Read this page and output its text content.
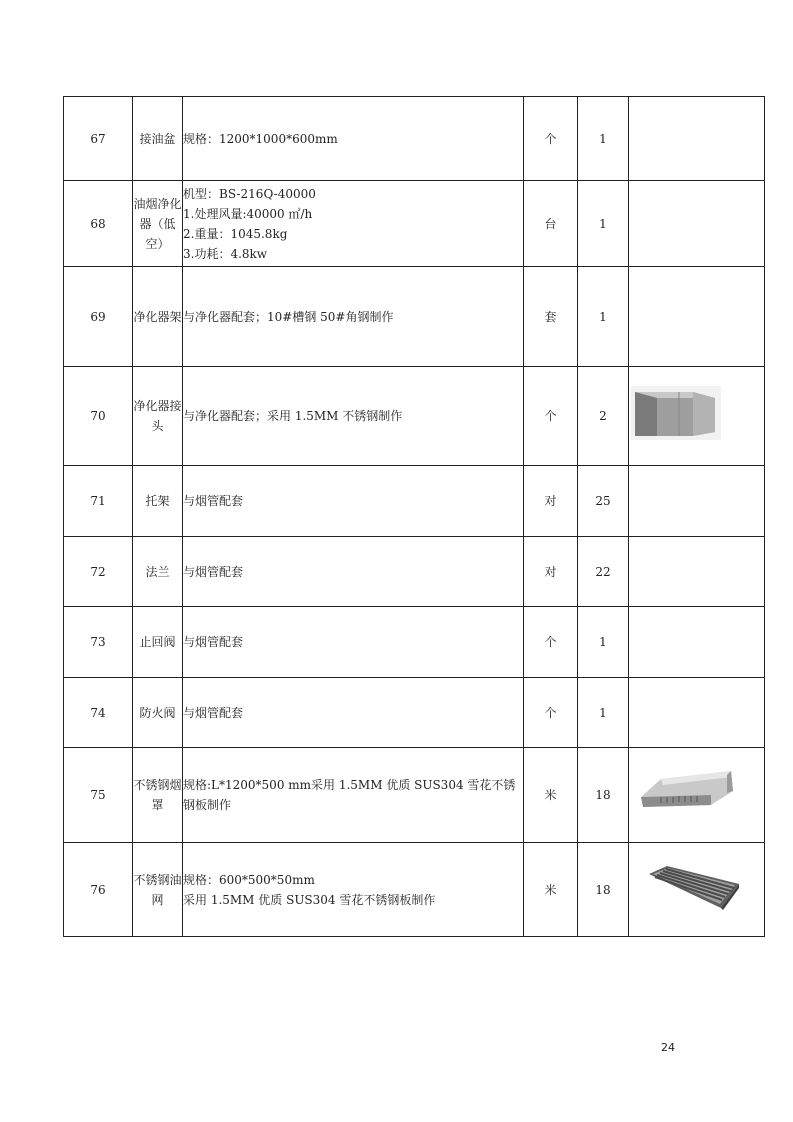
67	接油盆	规格：1200*1000*600mm	个	1	
68	油烟净化器（低空）	机型：BS-216Q-40000
1.处理风量:40000 ㎡/h
2.重量：1045.8kg
3.功耗：4.8kw	台	1	
69	净化器架	与净化器配套；10#槽钢 50#角钢制作	套	1	
70	净化器接头	与净化器配套；采用 1.5MM 不锈钢制作	个	2	

71	托架	与烟管配套	对	25	
72	法兰	与烟管配套	对	22	
73	止回阀	与烟管配套	个	1	
74	防火阀	与烟管配套	个	1	
75	不锈钢烟罩	规格:L*1200*500 mm采用 1.5MM 优质 SUS304 雪花不锈钢板制作	米	18	

76	不锈钢油网	规格：600*500*50mm
采用 1.5MM 优质 SUS304 雪花不锈钢板制作	米	18	
24
